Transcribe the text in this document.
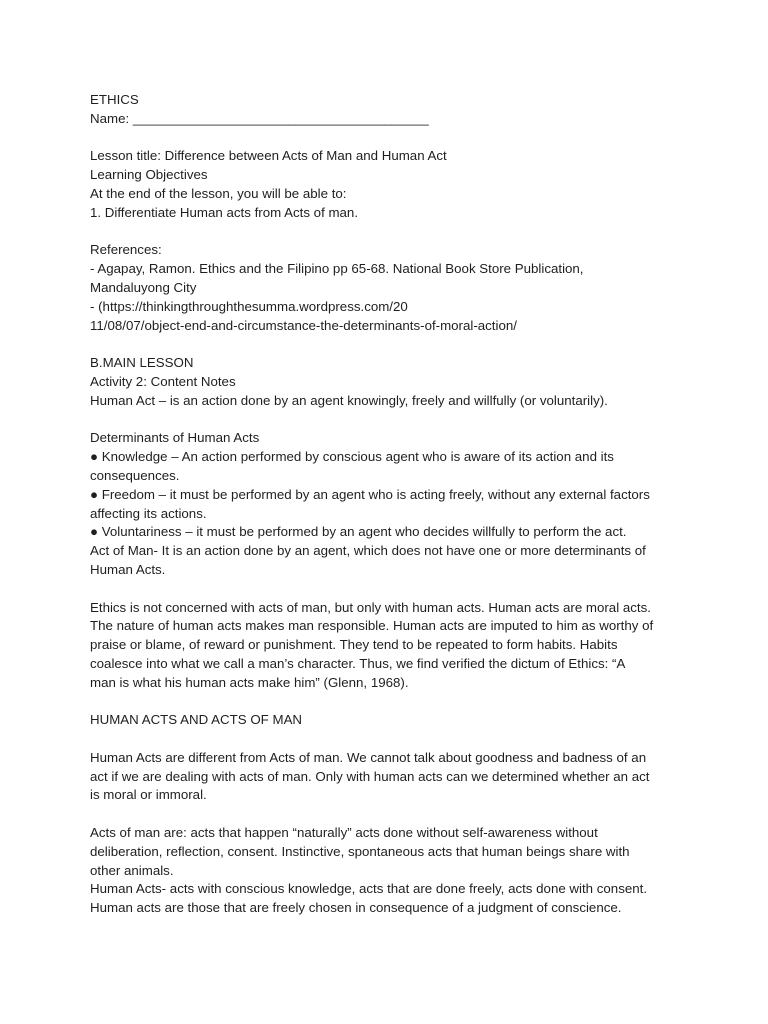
ETHICS
Name: ________________________________________
Lesson title: Difference between Acts of Man and Human Act
Learning Objectives
At the end of the lesson, you will be able to:
1. Differentiate Human acts from Acts of man.
References:
- Agapay, Ramon. Ethics and the Filipino pp 65-68. National Book Store Publication,
Mandaluyong City
- (https://thinkingthroughthesumma.wordpress.com/20
11/08/07/object-end-and-circumstance-the-determinants-of-moral-action/
B.MAIN LESSON
Activity 2: Content Notes
Human Act – is an action done by an agent knowingly, freely and willfully (or voluntarily).
Determinants of Human Acts
● Knowledge – An action performed by conscious agent who is aware of its action and its
consequences.
● Freedom – it must be performed by an agent who is acting freely, without any external factors
affecting its actions.
● Voluntariness – it must be performed by an agent who decides willfully to perform the act.
Act of Man- It is an action done by an agent, which does not have one or more determinants of
Human Acts.
Ethics is not concerned with acts of man, but only with human acts. Human acts are moral acts.
The nature of human acts makes man responsible. Human acts are imputed to him as worthy of
praise or blame, of reward or punishment. They tend to be repeated to form habits. Habits
coalesce into what we call a man’s character. Thus, we find verified the dictum of Ethics: “A
man is what his human acts make him” (Glenn, 1968).
HUMAN ACTS AND ACTS OF MAN
Human Acts are different from Acts of man. We cannot talk about goodness and badness of an
act if we are dealing with acts of man. Only with human acts can we determined whether an act
is moral or immoral.
Acts of man are: acts that happen “naturally” acts done without self-awareness without
deliberation, reflection, consent. Instinctive, spontaneous acts that human beings share with
other animals.
Human Acts- acts with conscious knowledge, acts that are done freely, acts done with consent.
Human acts are those that are freely chosen in consequence of a judgment of conscience.
